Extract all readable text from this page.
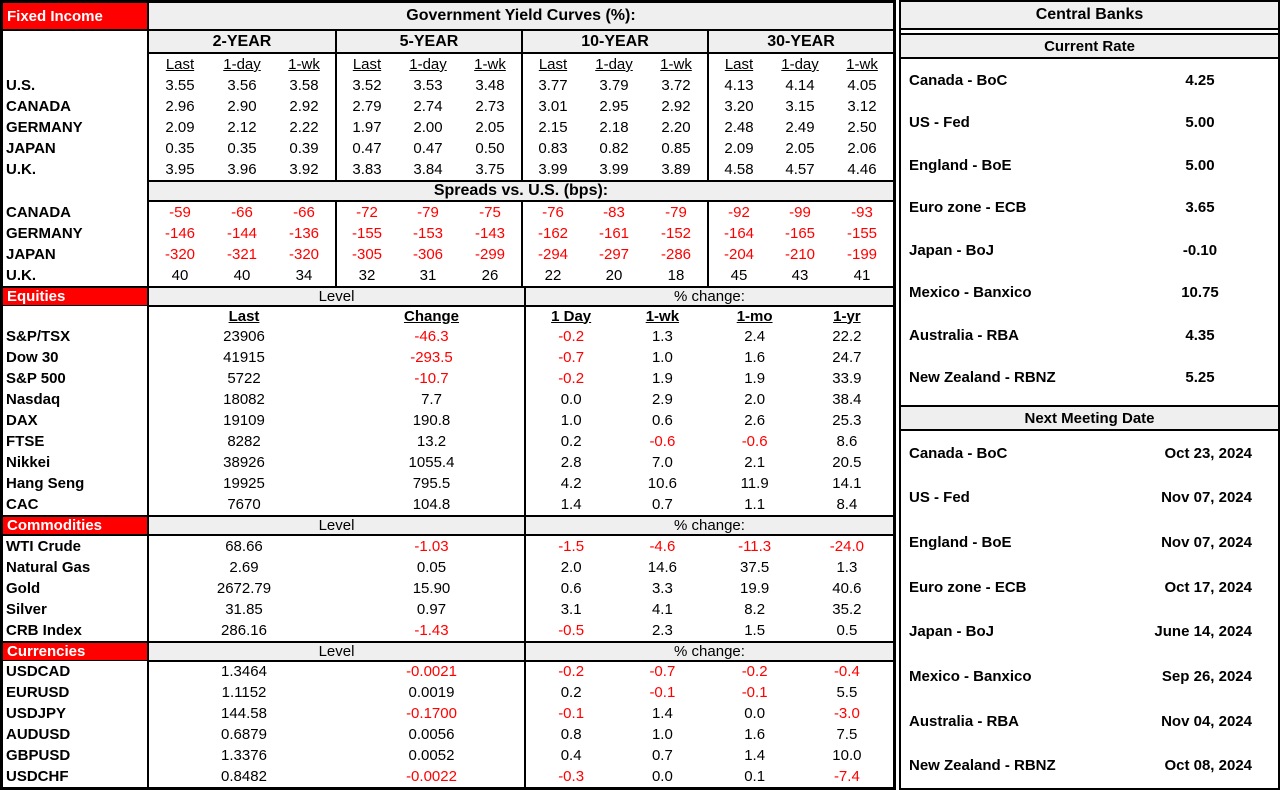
Fixed Income	Government Yield Curves (%):
2-YEAR	5-YEAR	10-YEAR	30-YEAR
Last	1-day	1-wk	Last	1-day	1-wk	Last	1-day	1-wk	Last	1-day	1-wk
U.S.	3.55	3.56	3.58	3.52	3.53	3.48	3.77	3.79	3.72	4.13	4.14	4.05
CANADA	2.96	2.90	2.92	2.79	2.74	2.73	3.01	2.95	2.92	3.20	3.15	3.12
GERMANY	2.09	2.12	2.22	1.97	2.00	2.05	2.15	2.18	2.20	2.48	2.49	2.50
JAPAN	0.35	0.35	0.39	0.47	0.47	0.50	0.83	0.82	0.85	2.09	2.05	2.06
U.K.	3.95	3.96	3.92	3.83	3.84	3.75	3.99	3.99	3.89	4.58	4.57	4.46
Spreads vs. U.S. (bps):
CANADA	-59	-66	-66	-72	-79	-75	-76	-83	-79	-92	-99	-93
GERMANY	-146	-144	-136	-155	-153	-143	-162	-161	-152	-164	-165	-155
JAPAN	-320	-321	-320	-305	-306	-299	-294	-297	-286	-204	-210	-199
U.K.	40	40	34	32	31	26	22	20	18	45	43	41
Equities	Level	% change:
Last	Change	1 Day	1-wk	1-mo	1-yr
S&P/TSX	23906	-46.3	-0.2	1.3	2.4	22.2
Dow 30	41915	-293.5	-0.7	1.0	1.6	24.7
S&P 500	5722	-10.7	-0.2	1.9	1.9	33.9
Nasdaq	18082	7.7	0.0	2.9	2.0	38.4
DAX	19109	190.8	1.0	0.6	2.6	25.3
FTSE	8282	13.2	0.2	-0.6	-0.6	8.6
Nikkei	38926	1055.4	2.8	7.0	2.1	20.5
Hang Seng	19925	795.5	4.2	10.6	11.9	14.1
CAC	7670	104.8	1.4	0.7	1.1	8.4
Commodities	Level	% change:
WTI Crude	68.66	-1.03	-1.5	-4.6	-11.3	-24.0
Natural Gas	2.69	0.05	2.0	14.6	37.5	1.3
Gold	2672.79	15.90	0.6	3.3	19.9	40.6
Silver	31.85	0.97	3.1	4.1	8.2	35.2
CRB Index	286.16	-1.43	-0.5	2.3	1.5	0.5
Currencies	Level	% change:
USDCAD	1.3464	-0.0021	-0.2	-0.7	-0.2	-0.4
EURUSD	1.1152	0.0019	0.2	-0.1	-0.1	5.5
USDJPY	144.58	-0.1700	-0.1	1.4	0.0	-3.0
AUDUSD	0.6879	0.0056	0.8	1.0	1.6	7.5
GBPUSD	1.3376	0.0052	0.4	0.7	1.4	10.0
USDCHF	0.8482	-0.0022	-0.3	0.0	0.1	-7.4
Central Banks
Current Rate
Canada - BoC	4.25
US - Fed	5.00
England - BoE	5.00
Euro zone - ECB	3.65
Japan - BoJ	-0.10
Mexico - Banxico	10.75
Australia - RBA	4.35
New Zealand - RBNZ	5.25
Next Meeting Date
Canada - BoC	Oct 23, 2024
US - Fed	Nov 07, 2024
England - BoE	Nov 07, 2024
Euro zone - ECB	Oct 17, 2024
Japan - BoJ	June 14, 2024
Mexico - Banxico	Sep 26, 2024
Australia - RBA	Nov 04, 2024
New Zealand - RBNZ	Oct 08, 2024
